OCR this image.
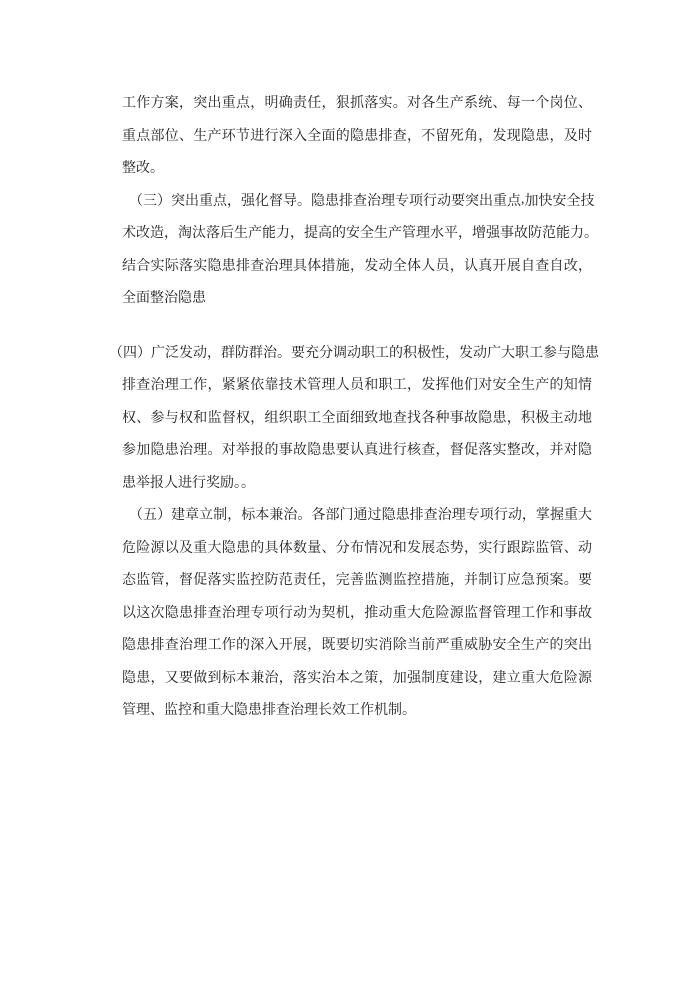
工 作 方 案 ， 突 出 重 点 ， 明 确 责 任 ， 狠 抓 落 实 。 对 各 生 产 系 统 、 每 一 个 岗 位 、
重 点 部 位 、 生 产 环 节 进 行 深 入 全 面 的 隐 患 排 查 ， 不 留 死 角 ， 发 现 隐 患 ， 及 时
整改。
（ 三 ） 突 出 重 点 ， 强 化 督 导 。 隐 患 排 查 治 理 专 项 行 动 要 突 出 重 点 , 加 快 安 全 技
术 改 造 ， 淘 汰 落 后 生 产 能 力 ， 提 高 的 安 全 生 产 管 理 水 平 ， 增 强 事 故 防 范 能 力 。
结 合 实 际 落 实 隐 患 排 查 治 理 具 体 措 施 ， 发 动 全 体 人 员 ， 认 真 开 展 自 查 自 改 ，
全面整治隐患
（ 四 ） 广 泛 发 动 ， 群 防 群 治 。 要 充 分 调 动 职 工 的 积 极 性 ， 发 动 广 大 职 工 参 与 隐 患
排 查 治 理 工 作 ， 紧 紧 依 靠 技 术 管 理 人 员 和 职 工 ， 发 挥 他 们 对 安 全 生 产 的 知 情
权 、 参 与 权 和 监 督 权 ， 组 织 职 工 全 面 细 致 地 查 找 各 种 事 故 隐 患 ， 积 极 主 动 地
参 加 隐 患 治 理 。 对 举 报 的 事 故 隐 患 要 认 真 进 行 核 查 ， 督 促 落 实 整 改 ， 并 对 隐
患举报人进行奖励。。
（ 五 ） 建 章 立 制 ， 标 本 兼 治 。 各 部 门 通 过 隐 患 排 查 治 理 专 项 行 动 ， 掌 握 重 大
危 险 源 以 及 重 大 隐 患 的 具 体 数 量 、 分 布 情 况 和 发 展 态 势 ， 实 行 跟 踪 监 管 、 动
态 监 管 ， 督 促 落 实 监 控 防 范 责 任 ， 完 善 监 测 监 控 措 施 ， 并 制 订 应 急 预 案 。 要
以 这 次 隐 患 排 查 治 理 专 项 行 动 为 契 机 ， 推 动 重 大 危 险 源 监 督 管 理 工 作 和 事 故
隐 患 排 查 治 理 工 作 的 深 入 开 展 ， 既 要 切 实 消 除 当 前 严 重 威 胁 安 全 生 产 的 突 出
隐 患 ， 又 要 做 到 标 本 兼 治 ， 落 实 治 本 之 策 ， 加 强 制 度 建 设 ， 建 立 重 大 危 险 源
管理、监控和重大隐患排查治理长效工作机制。
